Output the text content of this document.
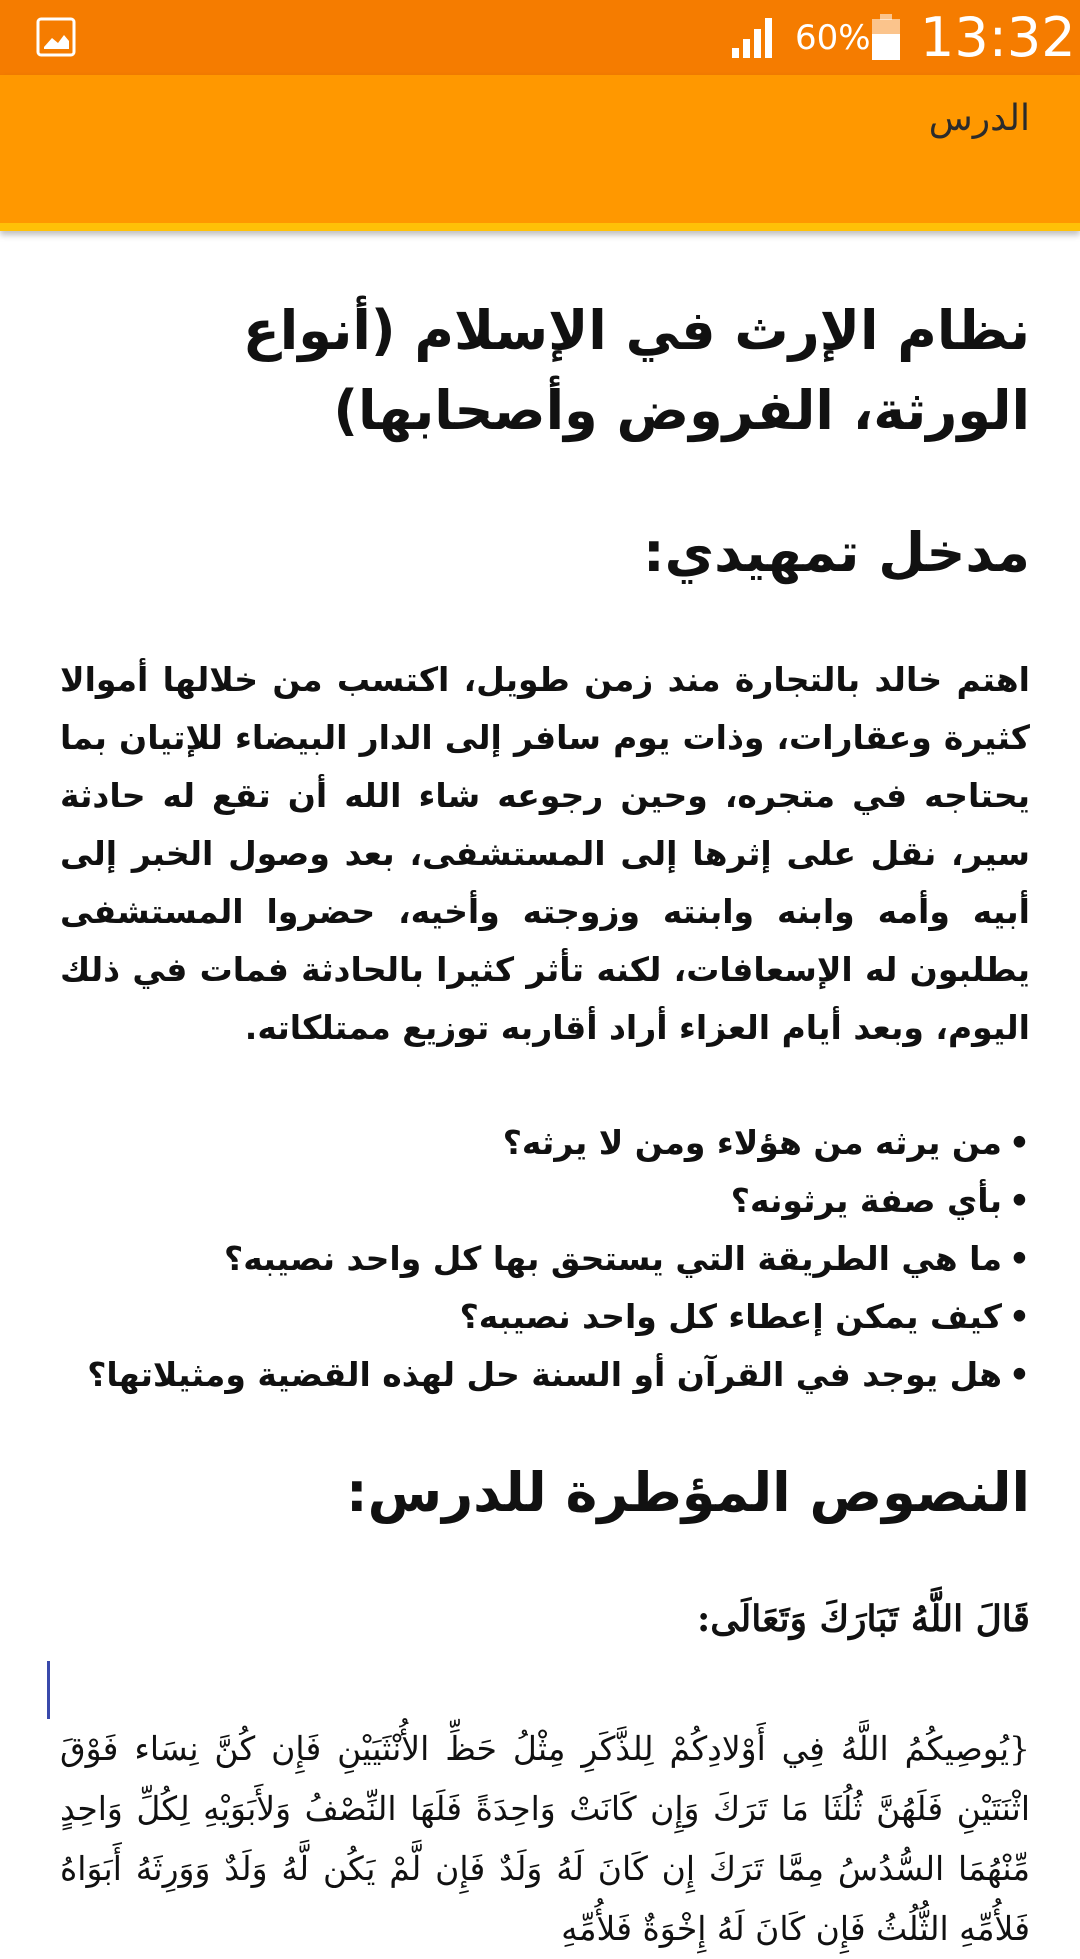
60% 13:32
الدرس
نظام الإرث في الإسلام (أنواع الورثة، الفروض وأصحابها)
مدخل تمهيدي:

اهتم خالد بالتجارة مند زمن طويل، اكتسب من خلالها أموالا كثيرة وعقارات، وذات يوم سافر إلى الدار البيضاء للإتيان بما يحتاجه في متجره، وحين رجوعه شاء الله أن تقع له حادثة سير، نقل على إثرها إلى المستشفى، بعد وصول الخبر إلى أبيه وأمه وابنه وابنته وزوجته وأخيه، حضروا المستشفى يطلبون له الإسعافات، لكنه تأثر كثيرا بالحادثة فمات في ذلك اليوم، وبعد أيام العزاء أراد أقاربه توزيع ممتلكاته.

•
من يرثه من هؤلاء ومن لا يرثه؟
•
بأي صفة يرثونه؟
•
ما هي الطريقة التي يستحق بها كل واحد نصيبه؟
•
كيف يمكن إعطاء كل واحد نصيبه؟
•
هل يوجد في القرآن أو السنة حل لهذه القضية ومثيلاتها؟
النصوص المؤطرة للدرس:

قَالَ اللَّهُ تَبَارَكَ وَتَعَالَى:

{يُوصِيكُمُ اللَّهُ فِي أَوْلادِكُمْ لِلذَّكَرِ مِثْلُ حَظِّ الأُنْثَيَيْنِ فَإِن كُنَّ نِسَاء فَوْقَ اثْنَتَيْنِ فَلَهُنَّ ثُلُثَا مَا تَرَكَ وَإِن كَانَتْ وَاحِدَةً فَلَهَا النِّصْفُ وَلأَبَوَيْهِ لِكُلِّ وَاحِدٍ مِّنْهُمَا السُّدُسُ مِمَّا تَرَكَ إِن كَانَ لَهُ وَلَدٌ فَإِن لَّمْ يَكُن لَّهُ وَلَدٌ وَوَرِثَهُ أَبَوَاهُ فَلأُمِّهِ الثُّلُثُ فَإِن كَانَ لَهُ إِخْوَةٌ فَلأُمِّهِ
